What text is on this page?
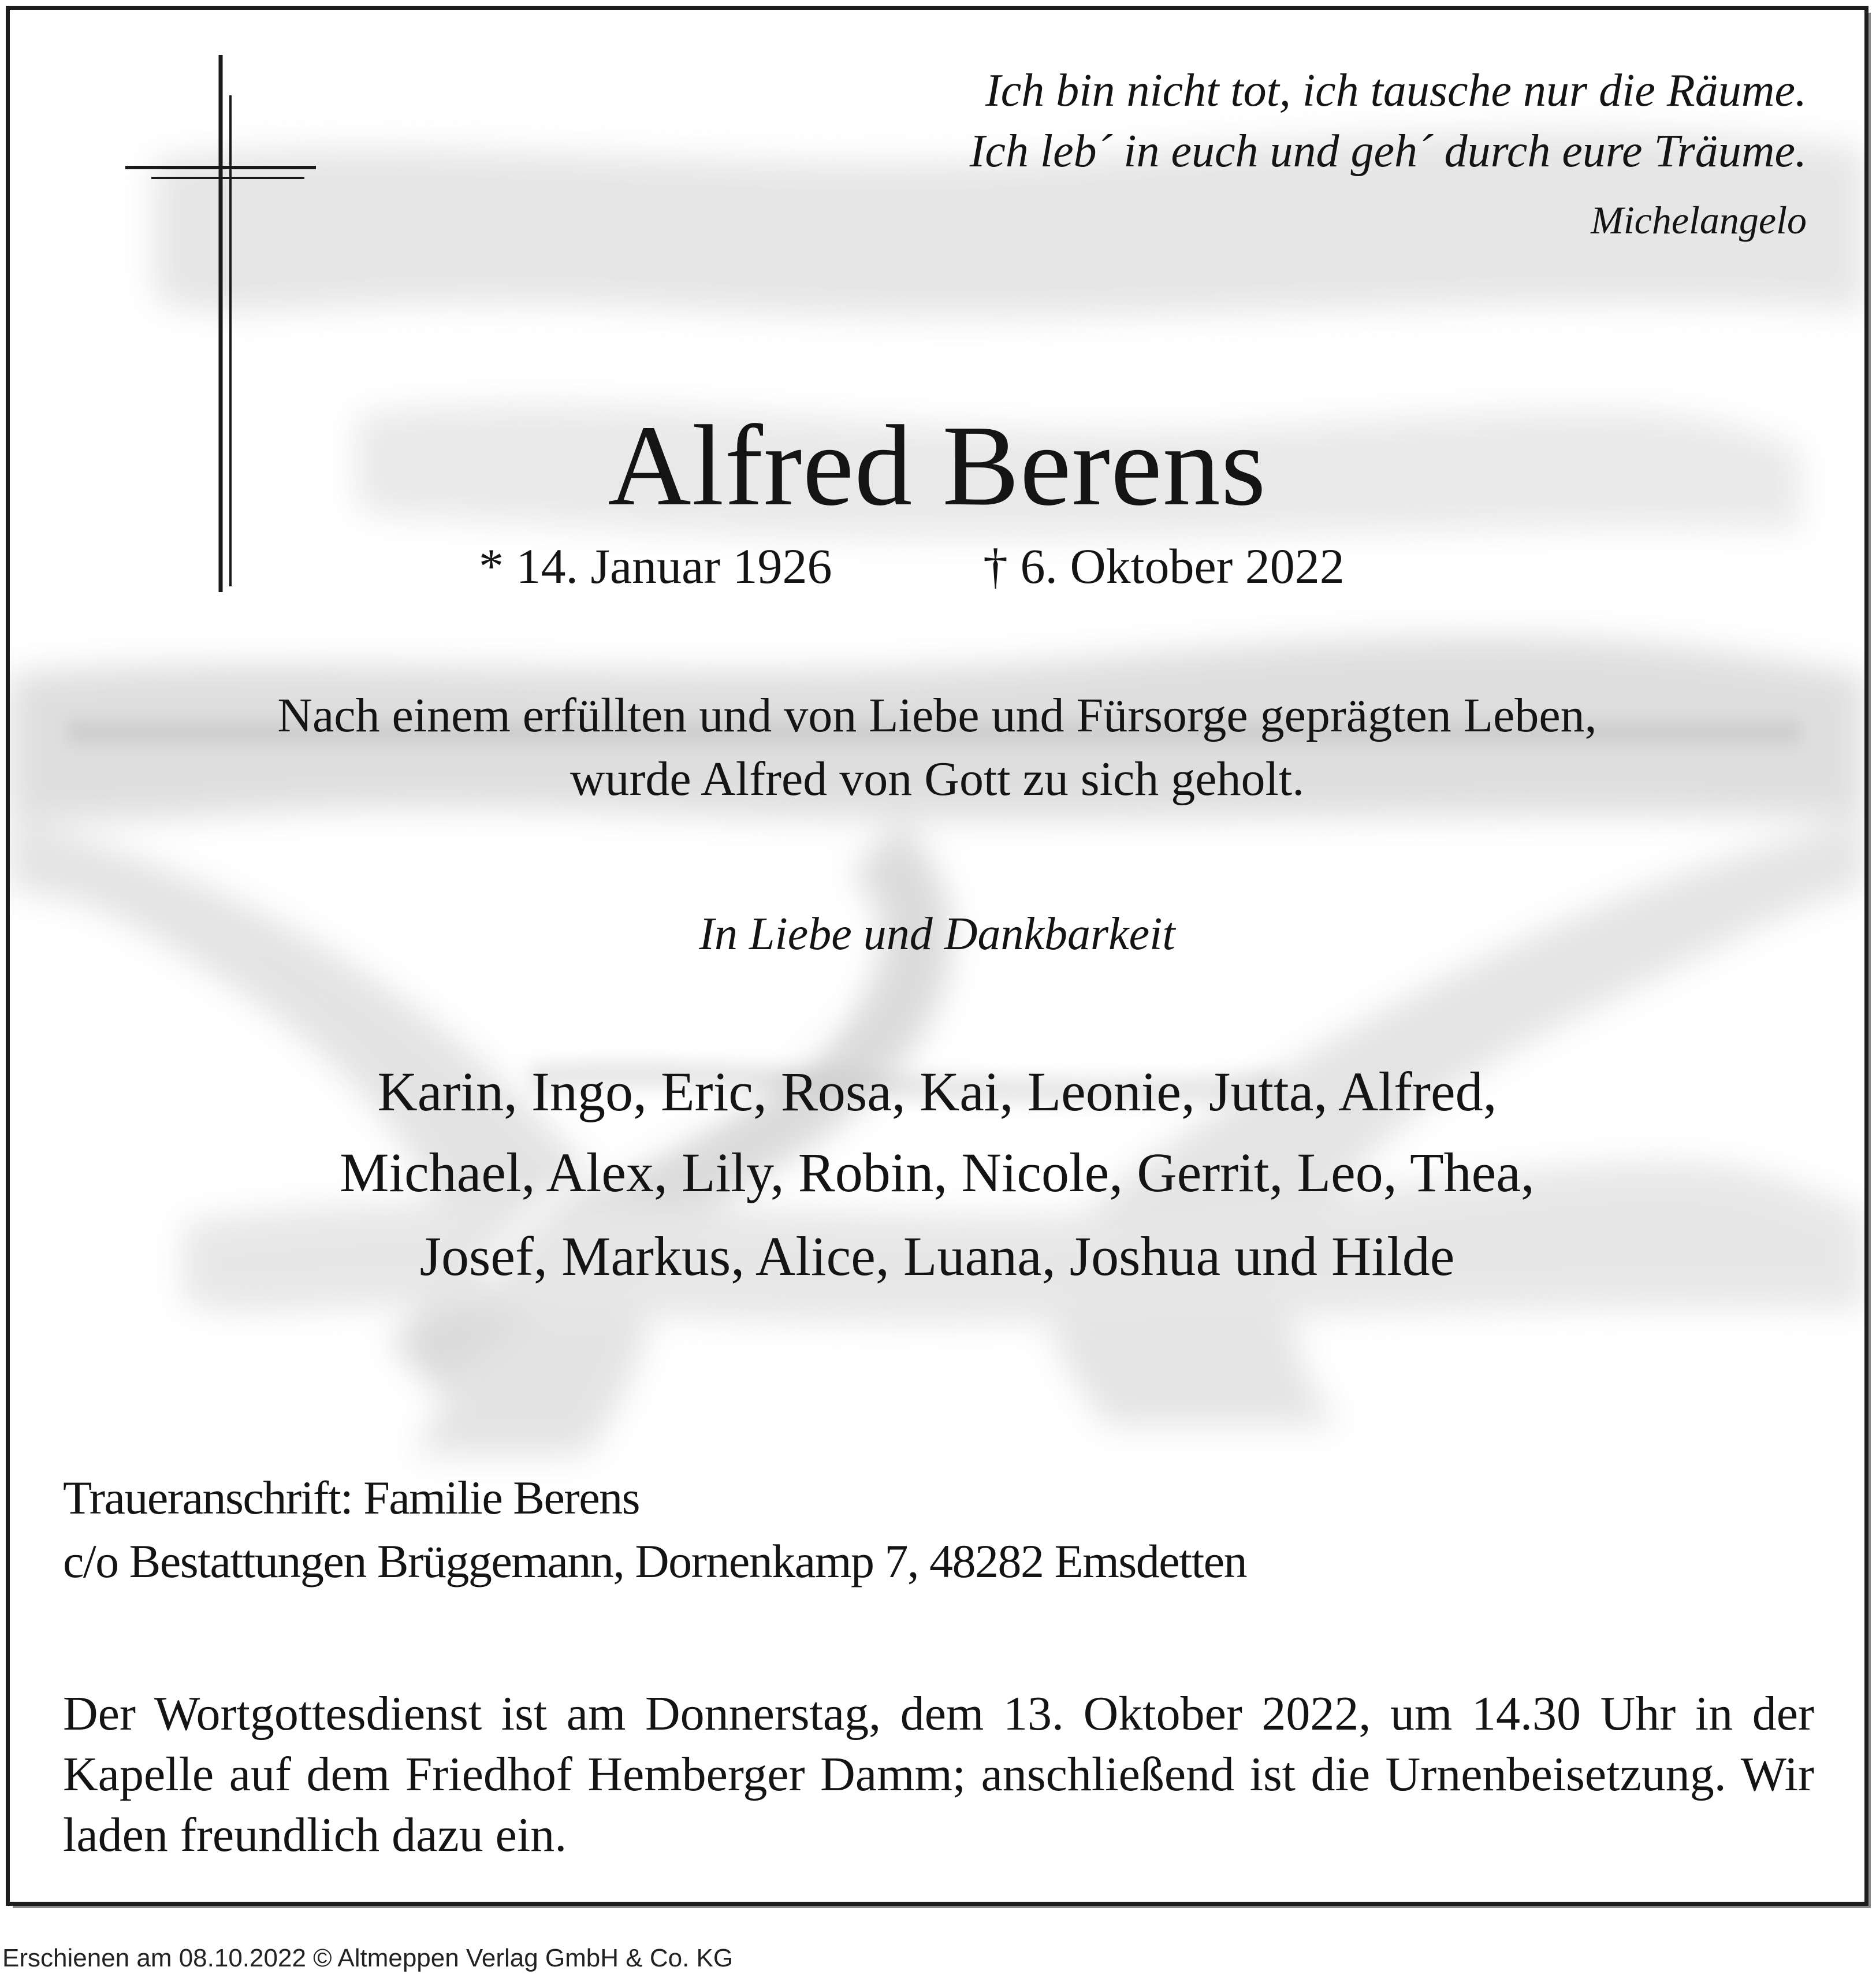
Ich bin nicht tot, ich tausche nur die Räume.
Ich leb´ in euch und geh´ durch eure Träume.
Michelangelo
Alfred Berens
* 14. Januar 1926	† 6. Oktober 2022
Nach einem erfüllten und von Liebe und Fürsorge geprägten Leben,
wurde Alfred von Gott zu sich geholt.
In Liebe und Dankbarkeit
Karin, Ingo, Eric, Rosa, Kai, Leonie, Jutta, Alfred,
Michael, Alex, Lily, Robin, Nicole, Gerrit, Leo, Thea,
Josef, Markus, Alice, Luana, Joshua und Hilde
Traueranschrift: Familie Berens
c/o Bestattungen Brüggemann, Dornenkamp 7, 48282 Emsdetten
Der Wortgottesdienst ist am Donnerstag, dem 13. Oktober 2022, um 14.30 Uhr in der Kapelle auf dem Friedhof Hemberger Damm; anschließend ist die Urnenbeisetzung. Wir laden freundlich dazu ein.
Erschienen am 08.10.2022 © Altmeppen Verlag GmbH & Co. KG
